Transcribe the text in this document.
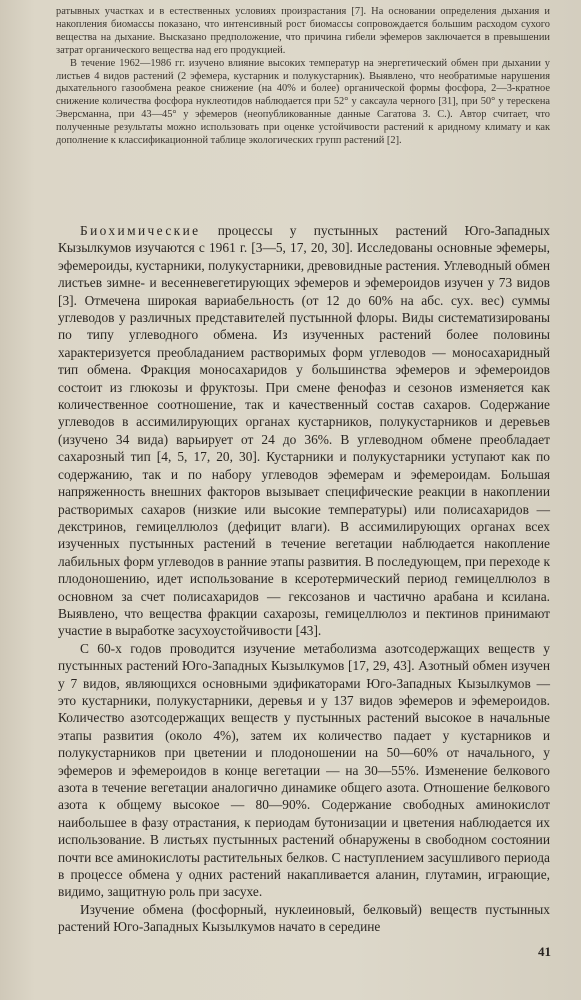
ратывных участках и в естественных условиях произрастания [7]. На основании определения дыхания и накопления биомассы показано, что интенсивный рост биомассы сопровождается большим расходом сухого вещества на дыхание. Высказано предположение, что причина гибели эфемеров заключается в превышении затрат органического вещества над его продукцией.

В течение 1962—1986 гг. изучено влияние высоких температур на энергетический обмен при дыхании у листьев 4 видов растений (2 эфемера, кустарник и полукустарник). Выявлено, что необратимые нарушения дыхательного газообмена реакое снижение (на 40% и более) органической формы фосфора, 2—3-кратное снижение количества фосфора нуклеотидов наблюдается при 52° у саксаула черного [31], при 50° у терескена Эверсманна, при 43—45° у эфемеров (неопубликованные данные Сагатова З. С.). Автор считает, что полученные результаты можно использовать при оценке устойчивости растений к аридному климату и как дополнение к классификационной таблице экологических групп растений [2].

Биохимические процессы у пустынных растений Юго-Западных Кызылкумов изучаются с 1961 г. [3—5, 17, 20, 30]. Исследованы основные эфемеры, эфемероиды, кустарники, полукустарники, древовидные растения. Углеводный обмен листьев зимне- и весенневегетирующих эфемеров и эфемероидов изучен у 73 видов [3]. Отмечена широкая вариабельность (от 12 до 60% на абс. сух. вес) суммы углеводов у различных представителей пустынной флоры. Виды систематизированы по типу углеводного обмена. Из изученных растений более половины характеризуется преобладанием растворимых форм углеводов — моносахаридный тип обмена. Фракция моносахаридов у большинства эфемеров и эфемероидов состоит из глюкозы и фруктозы. При смене фенофаз и сезонов изменяется как количественное соотношение, так и качественный состав сахаров. Содержание углеводов в ассимилирующих органах кустарников, полукустарников и деревьев (изучено 34 вида) варьирует от 24 до 36%. В углеводном обмене преобладает сахарозный тип [4, 5, 17, 20, 30]. Кустарники и полукустарники уступают как по содержанию, так и по набору углеводов эфемерам и эфемероидам. Большая напряженность внешних факторов вызывает специфические реакции в накоплении растворимых сахаров (низкие или высокие температуры) или полисахаридов — декстринов, гемицеллюлоз (дефицит влаги). В ассимилирующих органах всех изученных пустынных растений в течение вегетации наблюдается накопление лабильных форм углеводов в ранние этапы развития. В последующем, при переходе к плодоношению, идет использование в ксеротермический период гемицеллюлоз в основном за счет полисахаридов — гексозанов и частично арабана и ксилана. Выявлено, что вещества фракции сахарозы, гемицеллюлоз и пектинов принимают участие в выработке засухоустойчивости [43].

С 60-х годов проводится изучение метаболизма азотсодержащих веществ у пустынных растений Юго-Западных Кызылкумов [17, 29, 43]. Азотный обмен изучен у 7 видов, являющихся основными эдификаторами Юго-Западных Кызылкумов — это кустарники, полукустарники, деревья и у 137 видов эфемеров и эфемероидов. Количество азотсодержащих веществ у пустынных растений высокое в начальные этапы развития (около 4%), затем их количество падает у кустарников и полукустарников при цветении и плодоношении на 50—60% от начального, у эфемеров и эфемероидов в конце вегетации — на 30—55%. Изменение белкового азота в течение вегетации аналогично динамике общего азота. Отношение белкового азота к общему высокое — 80—90%. Содержание свободных аминокислот наибольшее в фазу отрастания, к периодам бутонизации и цветения наблюдается их использование. В листьях пустынных растений обнаружены в свободном состоянии почти все аминокислоты растительных белков. С наступлением засушливого периода в процессе обмена у одних растений накапливается аланин, глутамин, играющие, видимо, защитную роль при засухе.

Изучение обмена (фосфорный, нуклеиновый, белковый) веществ пустынных растений Юго-Западных Кызылкумов начато в середине

41
